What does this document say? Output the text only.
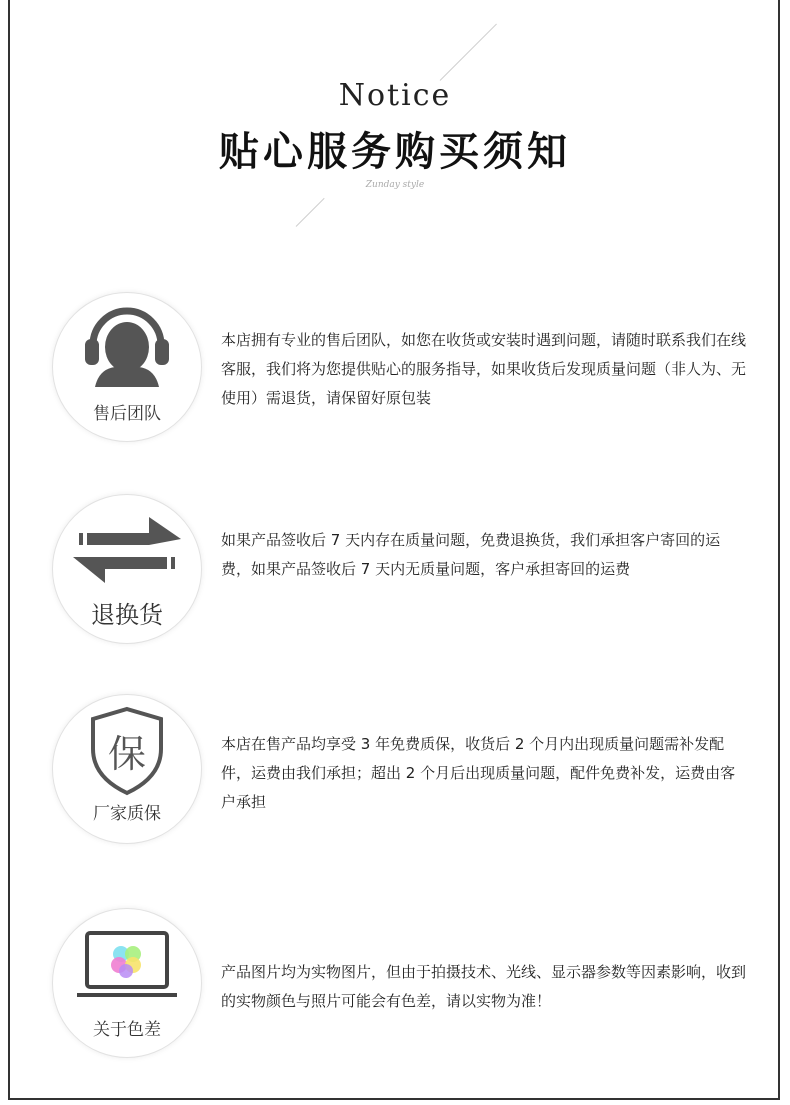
Notice
贴心服务购买须知
Zunday style
售后团队
本店拥有专业的售后团队，如您在收货或安装时遇到问题，请随时联系我们在线客服，我们将为您提供贴心的服务指导，如果收货后发现质量问题（非人为、无使用）需退货，请保留好原包装
退换货
如果产品签收后 7 天内存在质量问题，免费退换货，我们承担客户寄回的运费，如果产品签收后 7 天内无质量问题，客户承担寄回的运费
保
厂家质保
本店在售产品均享受 3 年免费质保，收货后 2 个月内出现质量问题需补发配件，运费由我们承担；超出 2 个月后出现质量问题，配件免费补发，运费由客户承担
关于色差
产品图片均为实物图片，但由于拍摄技术、光线、显示器参数等因素影响，收到的实物颜色与照片可能会有色差，请以实物为准！
